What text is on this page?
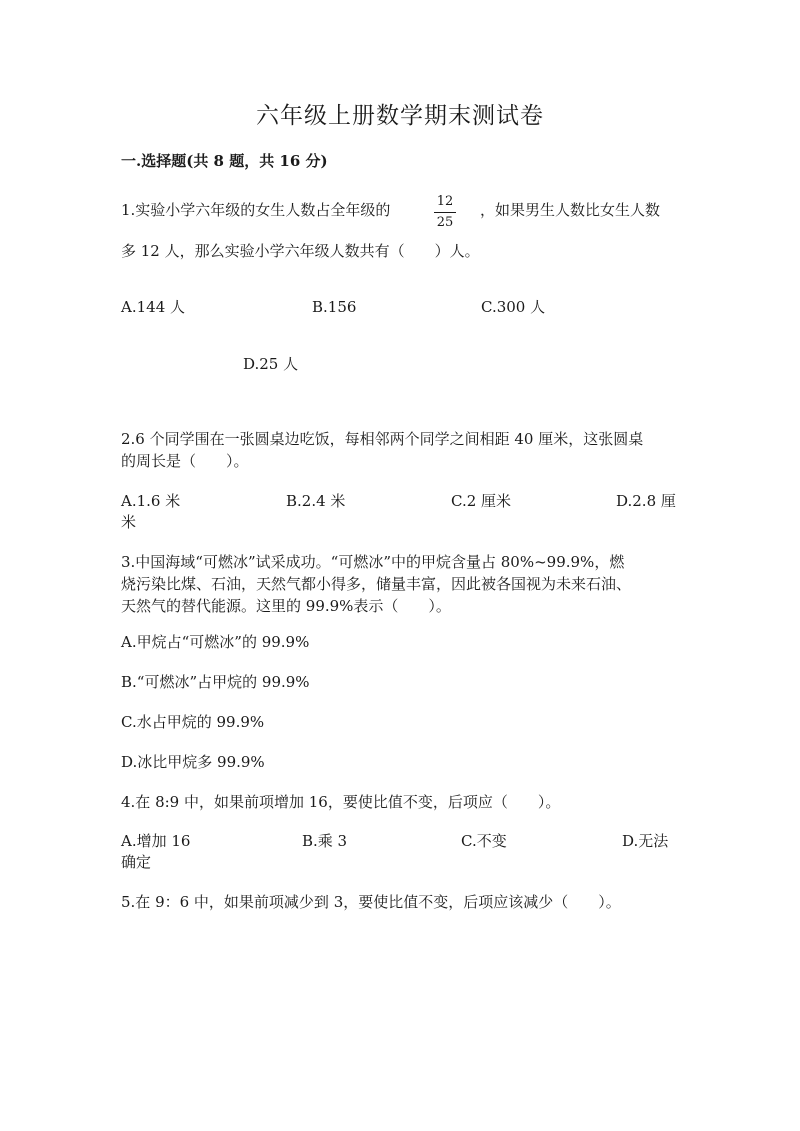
六年级上册数学期末测试卷
一.选择题(共 8 题，共 16 分)
1.实验小学六年级的女生人数占全年级的	12
25
，如果男生人数比女生人数
多 12 人，那么实验小学六年级人数共有（　　）人。
A.144 人	B.156	C.300 人
D.25 人
2.6 个同学围在一张圆桌边吃饭，每相邻两个同学之间相距 40 厘米，这张圆桌
的周长是（　　）。
A.1.6 米	B.2.4 米	C.2 厘米	D.2.8 厘
米
3.中国海域“可燃冰”试采成功。“可燃冰”中的甲烷含量占 80%~99.9%，燃
烧污染比煤、石油，天然气都小得多，储量丰富，因此被各国视为未来石油、
天然气的替代能源。这里的 99.9%表示（　　）。
A.甲烷占“可燃冰”的 99.9%
B.“可燃冰”占甲烷的 99.9%
C.水占甲烷的 99.9%
D.冰比甲烷多 99.9%
4.在 8:9 中，如果前项增加 16，要使比值不变，后项应（　　）。
A.增加 16	B.乘 3	C.不变	D.无法
确定
5.在 9：6 中，如果前项减少到 3，要使比值不变，后项应该减少（　　）。
